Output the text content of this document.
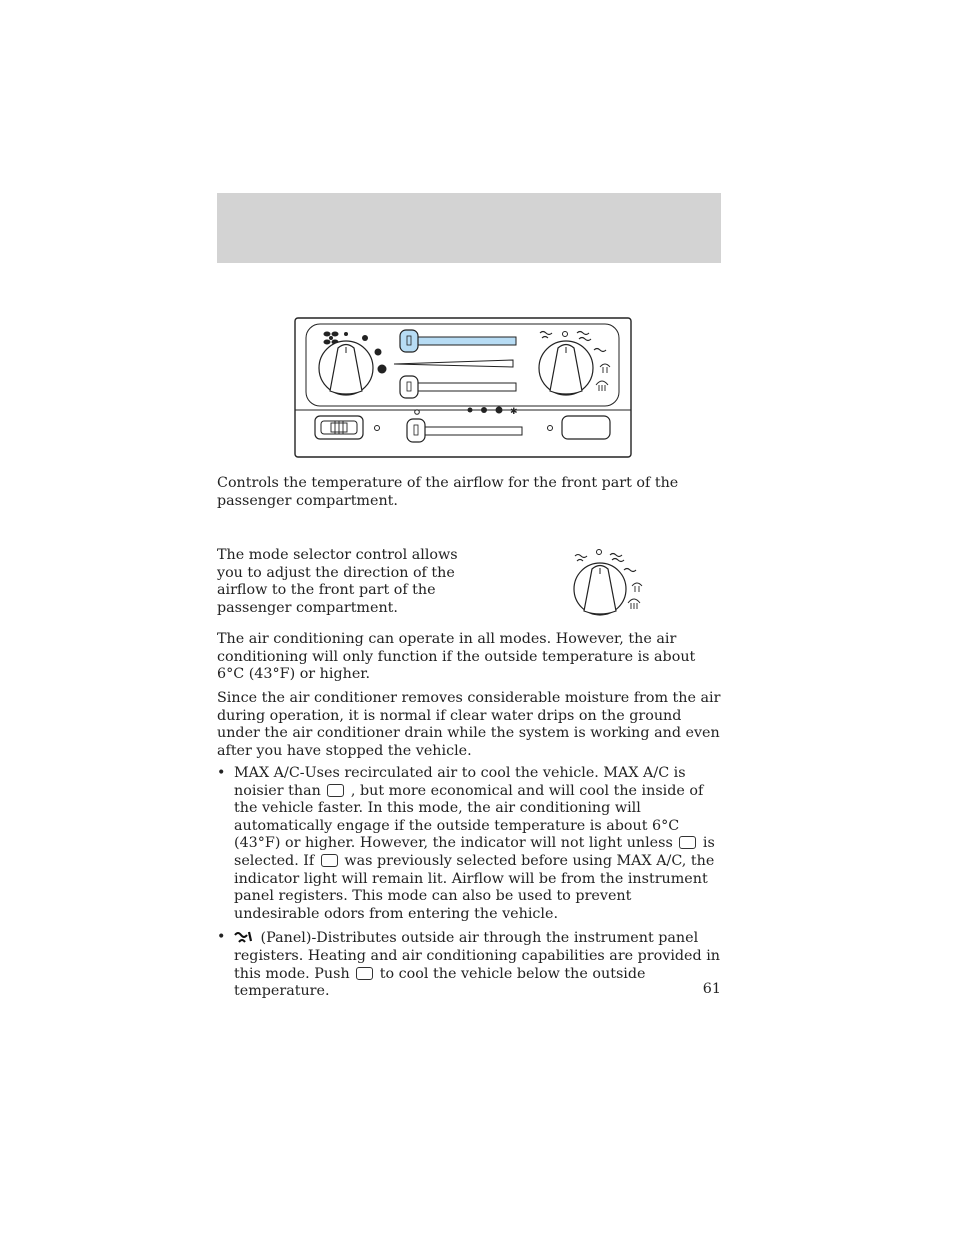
✱

Controls the temperature of the airflow for the front part of the passenger compartment.

The mode selector control allows you to adjust the direction of the airflow to the front part of the passenger compartment.

The air conditioning can operate in all modes. However, the air conditioning will only function if the outside temperature is about 6°C (43°F) or higher.

Since the air conditioner removes considerable moisture from the air during operation, it is normal if clear water drips on the ground under the air conditioner drain while the system is working and even after you have stopped the vehicle.

• MAX A/C-Uses recirculated air to cool the vehicle. MAX A/C is noisier than , but more economical and will cool the inside of the vehicle faster. In this mode, the air conditioning will automatically engage if the outside temperature is about 6°C (43°F) or higher. However, the indicator will not light unless is selected. If was previously selected before using MAX A/C, the indicator light will remain lit. Airflow will be from the instrument panel registers. This mode can also be used to prevent undesirable odors from entering the vehicle.
• (Panel)-Distributes outside air through the instrument panel registers. Heating and air conditioning capabilities are provided in this mode. Push to cool the vehicle below the outside temperature.	61
